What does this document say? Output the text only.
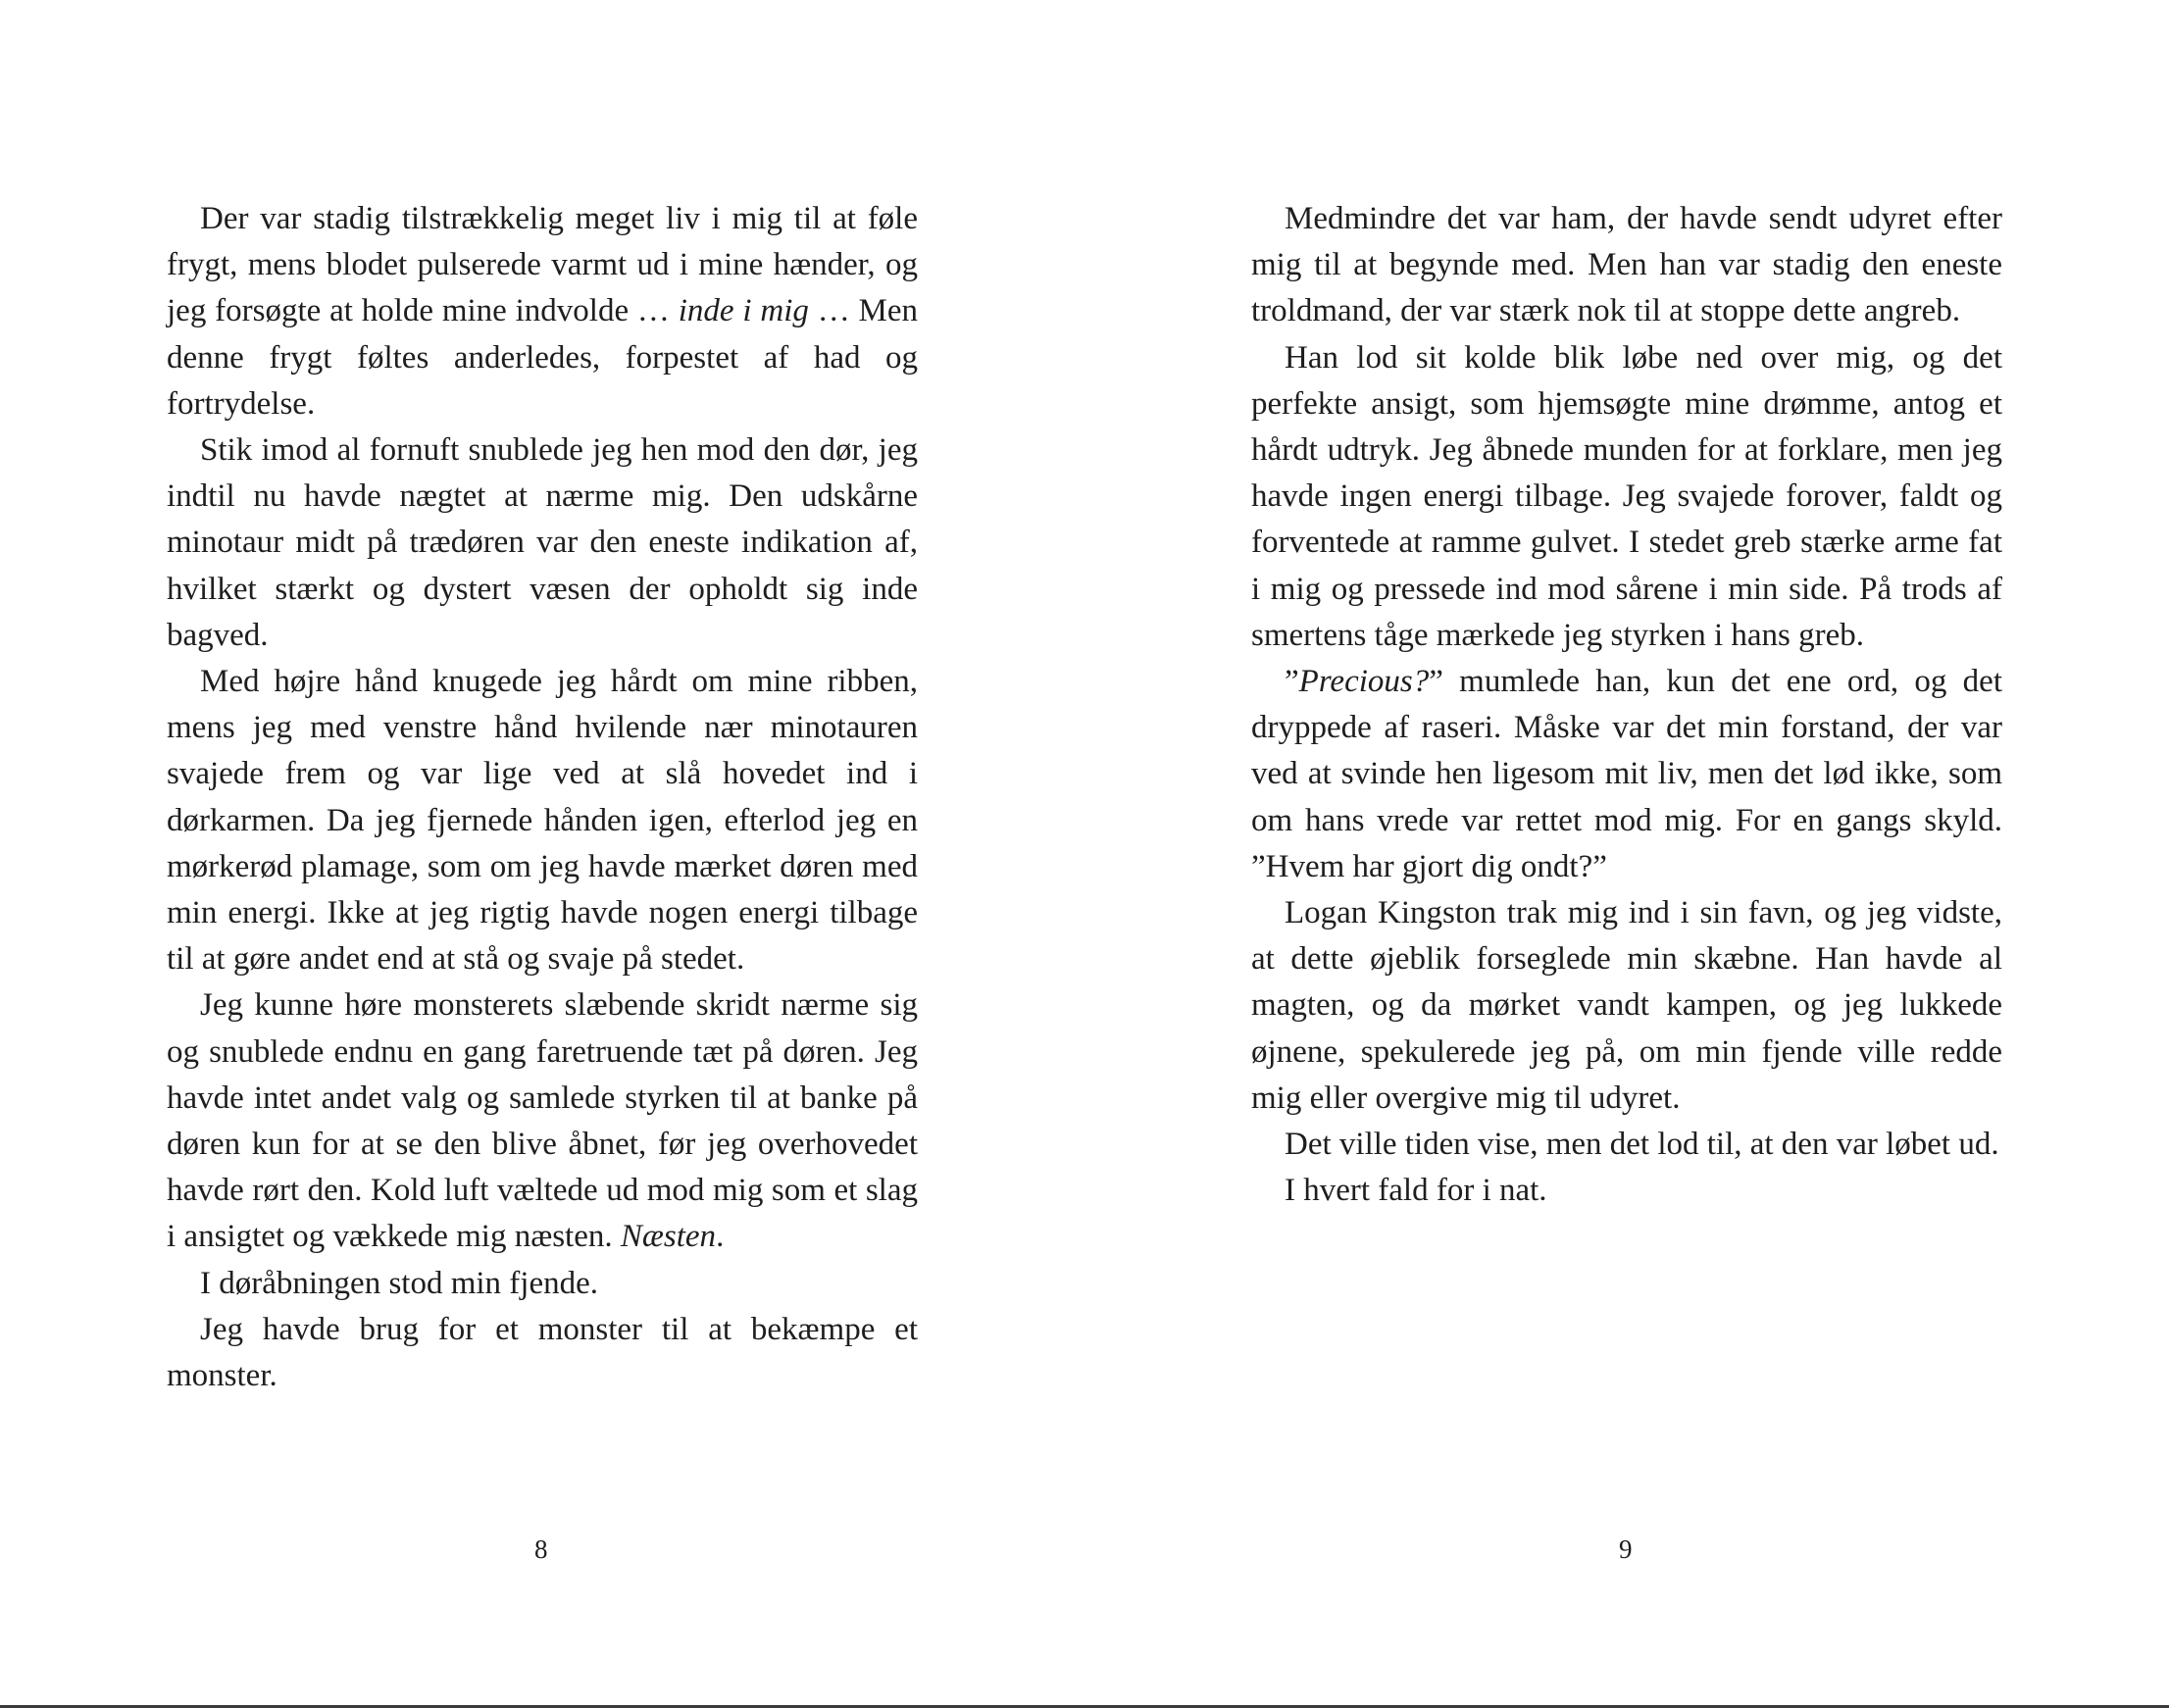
Der var stadig tilstrækkelig meget liv i mig til at føle frygt, mens blodet pulserede varmt ud i mine hænder, og jeg forsøgte at holde mine indvolde … inde i mig … Men denne frygt føltes anderledes, forpestet af had og fortrydelse.

Stik imod al fornuft snublede jeg hen mod den dør, jeg indtil nu havde nægtet at nærme mig. Den udskårne minotaur midt på trædøren var den eneste indikation af, hvilket stærkt og dystert væsen der opholdt sig inde bagved.

Med højre hånd knugede jeg hårdt om mine ribben, mens jeg med venstre hånd hvilende nær minotauren svajede frem og var lige ved at slå hovedet ind i dørkarmen. Da jeg fjernede hånden igen, efterlod jeg en mørkerød plamage, som om jeg havde mærket døren med min energi. Ikke at jeg rigtig havde nogen energi tilbage til at gøre andet end at stå og svaje på stedet.

Jeg kunne høre monsterets slæbende skridt nærme sig og snublede endnu en gang faretruende tæt på døren. Jeg havde intet andet valg og samlede styrken til at banke på døren kun for at se den blive åbnet, før jeg overhovedet havde rørt den. Kold luft væltede ud mod mig som et slag i ansigtet og vækkede mig næsten. Næsten.

I døråbningen stod min fjende.

Jeg havde brug for et monster til at bekæmpe et monster.

8

Medmindre det var ham, der havde sendt udyret efter mig til at begynde med. Men han var stadig den eneste troldmand, der var stærk nok til at stoppe dette angreb.

Han lod sit kolde blik løbe ned over mig, og det perfekte ansigt, som hjemsøgte mine drømme, antog et hårdt udtryk. Jeg åbnede munden for at forklare, men jeg havde ingen energi tilbage. Jeg svajede forover, faldt og forventede at ramme gulvet. I stedet greb stærke arme fat i mig og pressede ind mod sårene i min side. På trods af smertens tåge mærkede jeg styrken i hans greb.

”Precious?” mumlede han, kun det ene ord, og det dryppede af raseri. Måske var det min forstand, der var ved at svinde hen ligesom mit liv, men det lød ikke, som om hans vrede var rettet mod mig. For en gangs skyld. ”Hvem har gjort dig ondt?”

Logan Kingston trak mig ind i sin favn, og jeg vidste, at dette øjeblik forseglede min skæbne. Han havde al magten, og da mørket vandt kampen, og jeg lukkede øjnene, spekulerede jeg på, om min fjende ville redde mig eller overgive mig til udyret.

Det ville tiden vise, men det lod til, at den var løbet ud.

I hvert fald for i nat.

9
